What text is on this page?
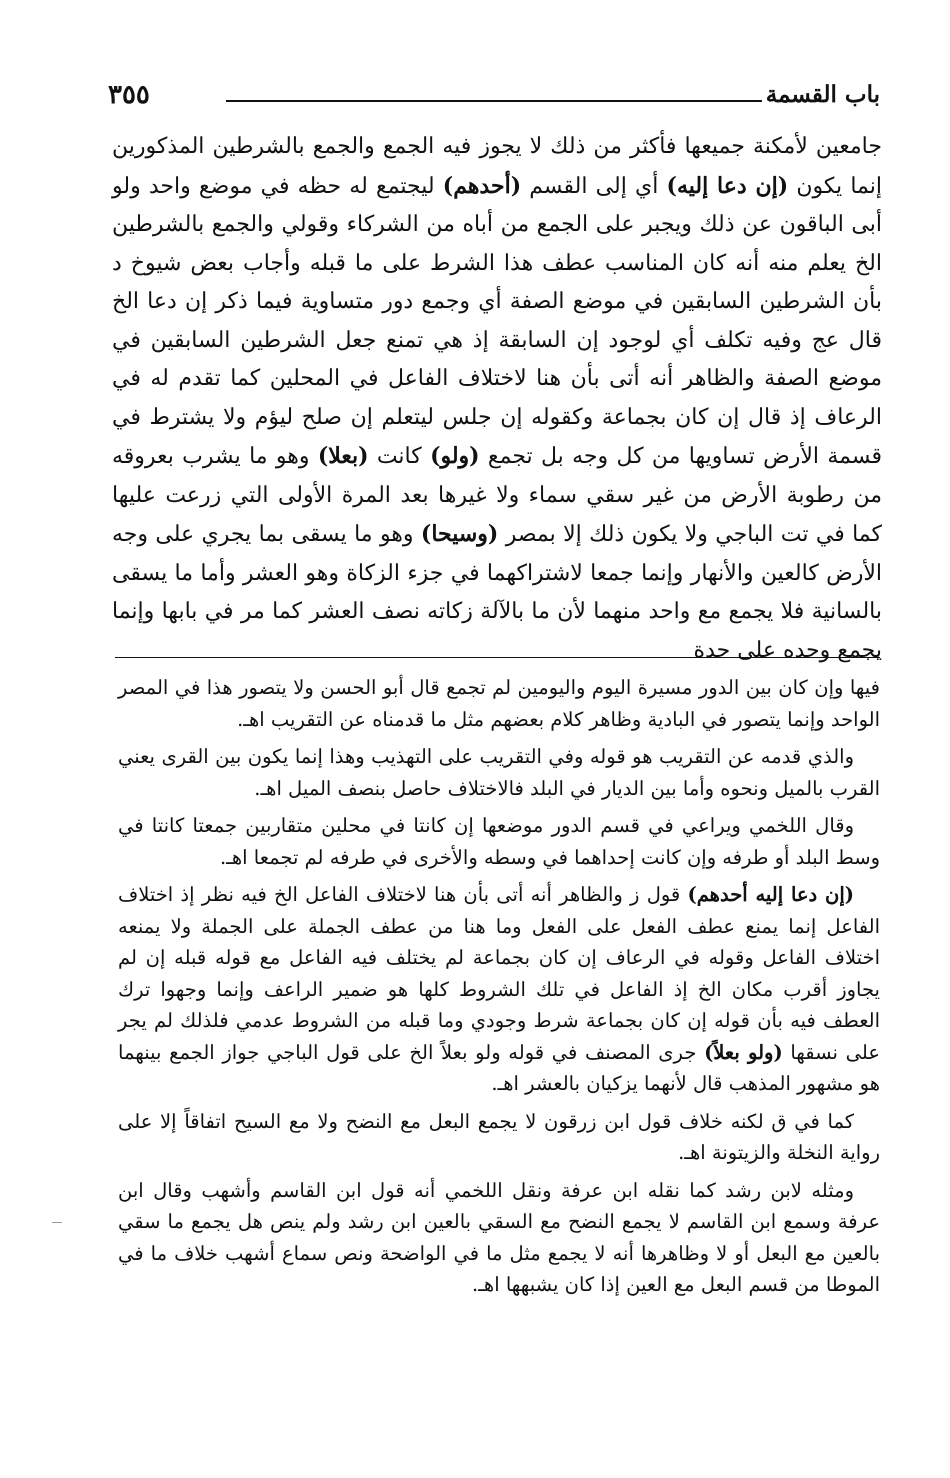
باب القسمة
٣٥٥

جامعين لأمكنة جميعها فأكثر من ذلك لا يجوز فيه الجمع والجمع بالشرطين المذكورين إنما يكون (إن دعا إليه) أي إلى القسم (أحدهم) ليجتمع له حظه في موضع واحد ولو أبى الباقون عن ذلك ويجبر على الجمع من أباه من الشركاء وقولي والجمع بالشرطين الخ يعلم منه أنه كان المناسب عطف هذا الشرط على ما قبله وأجاب بعض شيوخ د بأن الشرطين السابقين في موضع الصفة أي وجمع دور متساوية فيما ذكر إن دعا الخ قال عج وفيه تكلف أي لوجود إن السابقة إذ هي تمنع جعل الشرطين السابقين في موضع الصفة والظاهر أنه أتى بأن هنا لاختلاف الفاعل في المحلين كما تقدم له في الرعاف إذ قال إن كان بجماعة وكقوله إن جلس ليتعلم إن صلح ليؤم ولا يشترط في قسمة الأرض تساويها من كل وجه بل تجمع (ولو) كانت (بعلا) وهو ما يشرب بعروقه من رطوبة الأرض من غير سقي سماء ولا غيرها بعد المرة الأولى التي زرعت عليها كما في تت الباجي ولا يكون ذلك إلا بمصر (وسيحا) وهو ما يسقى بما يجري على وجه الأرض كالعين والأنهار وإنما جمعا لاشتراكهما في جزء الزكاة وهو العشر وأما ما يسقى بالسانية فلا يجمع مع واحد منهما لأن ما بالآلة زكاته نصف العشر كما مر في بابها وإنما يجمع وحده على حدة

فيها وإن كان بين الدور مسيرة اليوم واليومين لم تجمع قال أبو الحسن ولا يتصور هذا في المصر الواحد وإنما يتصور في البادية وظاهر كلام بعضهم مثل ما قدمناه عن التقريب اهـ.

والذي قدمه عن التقريب هو قوله وفي التقريب على التهذيب وهذا إنما يكون بين القرى يعني القرب بالميل ونحوه وأما بين الديار في البلد فالاختلاف حاصل بنصف الميل اهـ.

وقال اللخمي ويراعي في قسم الدور موضعها إن كانتا في محلين متقاربين جمعتا كانتا في وسط البلد أو طرفه وإن كانت إحداهما في وسطه والأخرى في طرفه لم تجمعا اهـ.

(إن دعا إليه أحدهم) قول ز والظاهر أنه أتى بأن هنا لاختلاف الفاعل الخ فيه نظر إذ اختلاف الفاعل إنما يمنع عطف الفعل على الفعل وما هنا من عطف الجملة على الجملة ولا يمنعه اختلاف الفاعل وقوله في الرعاف إن كان بجماعة لم يختلف فيه الفاعل مع قوله قبله إن لم يجاوز أقرب مكان الخ إذ الفاعل في تلك الشروط كلها هو ضمير الراعف وإنما وجهوا ترك العطف فيه بأن قوله إن كان بجماعة شرط وجودي وما قبله من الشروط عدمي فلذلك لم يجر على نسقها (ولو بعلاً) جرى المصنف في قوله ولو بعلاً الخ على قول الباجي جواز الجمع بينهما هو مشهور المذهب قال لأنهما يزكيان بالعشر اهـ.

كما في ق لكنه خلاف قول ابن زرقون لا يجمع البعل مع النضح ولا مع السيح اتفاقاً إلا على رواية النخلة والزيتونة اهـ.

ومثله لابن رشد كما نقله ابن عرفة ونقل اللخمي أنه قول ابن القاسم وأشهب وقال ابن عرفة وسمع ابن القاسم لا يجمع النضح مع السقي بالعين ابن رشد ولم ينص هل يجمع ما سقي بالعين مع البعل أو لا وظاهرها أنه لا يجمع مثل ما في الواضحة ونص سماع أشهب خلاف ما في الموطا من قسم البعل مع العين إذا كان يشبهها اهـ.
